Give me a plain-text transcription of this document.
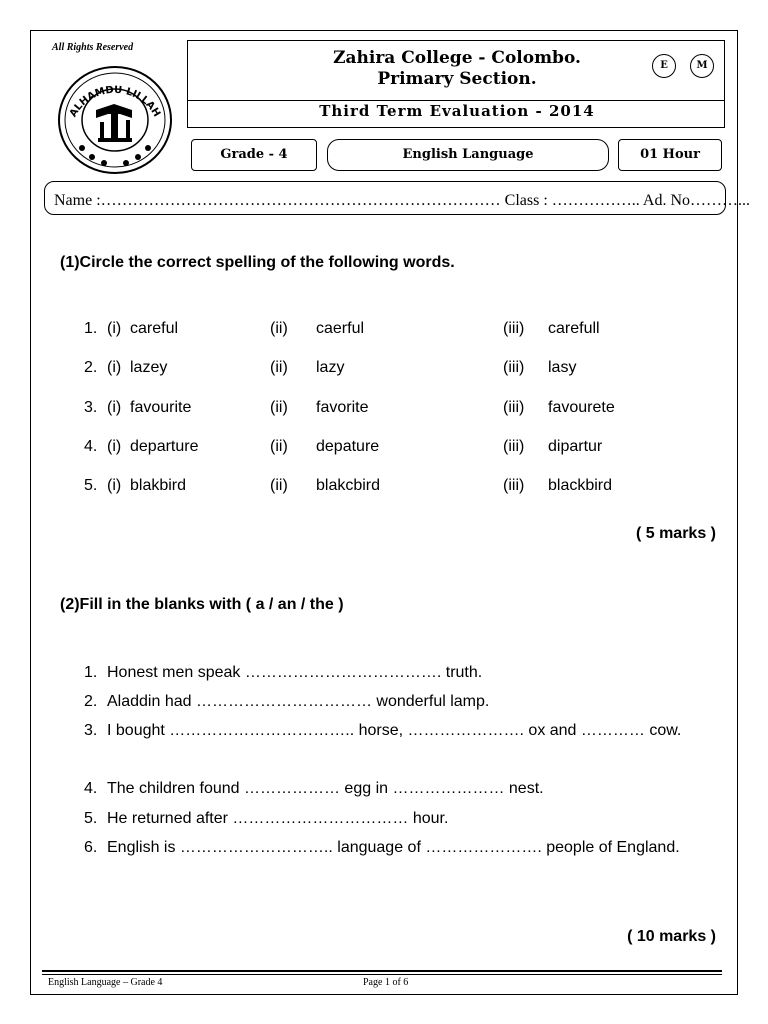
All Rights Reserved
ALHAMDU LILLAH
Zahira College - Colombo.
Primary Section.
Third Term Evaluation - 2014
E	M
Grade - 4	English Language	01 Hour
Name :………………………………………………………………… Class : …………….. Ad. No………...
(1)Circle the correct spelling of the following words.
1. (i) careful	(ii) caerful	(iii) carefull
2. (i) lazey	(ii) lazy	(iii) lasy
3. (i) favourite	(ii) favorite	(iii) favourete
4. (i) departure	(ii) depature	(iii) dipartur
5. (i) blakbird	(ii) blakcbird	(iii) blackbird
( 5 marks )
(2)Fill in the blanks with ( a / an / the )
1. Honest men speak ………………………………. truth.
2. Aladdin had …………………………… wonderful lamp.
3. I bought …………………………….. horse, …………………. ox and ………… cow.
4. The children found ……………… egg in ………………… nest.
5. He returned after …………………………… hour.
6. English is ……………………….. language of …………………. people of England.
( 10 marks )
English Language – Grade 4	Page 1 of 6
